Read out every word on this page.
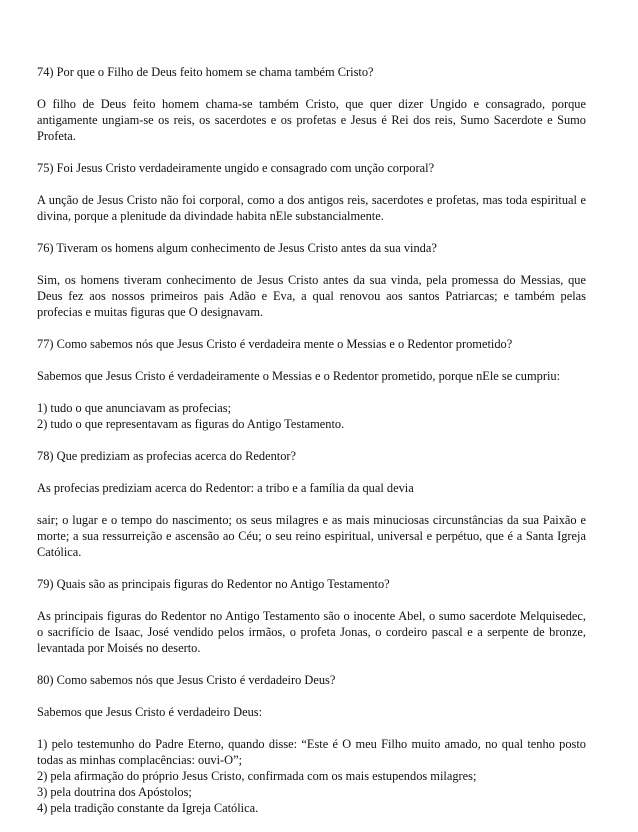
74) Por que o Filho de Deus feito homem se chama também Cristo?

O filho de Deus feito homem chama-se também Cristo, que quer dizer Ungido e consagrado, porque antigamente ungiam-se os reis, os sacerdotes e os profetas e Jesus é Rei dos reis, Sumo Sacerdote e Sumo Profeta.

75) Foi Jesus Cristo verdadeiramente ungido e consagrado com unção corporal?

A unção de Jesus Cristo não foi corporal, como a dos antigos reis, sacerdotes e profetas, mas toda espiritual e divina, porque a plenitude da divindade habita nEle substancialmente.

76) Tiveram os homens algum conhecimento de Jesus Cristo antes da sua vinda?

Sim, os homens tiveram conhecimento de Jesus Cristo antes da sua vinda, pela promessa do Messias, que Deus fez aos nossos primeiros pais Adão e Eva, a qual renovou aos santos Patriarcas; e também pelas profecias e muitas figuras que O designavam.

77) Como sabemos nós que Jesus Cristo é verdadeira mente o Messias e o Redentor prometido?

Sabemos que Jesus Cristo é verdadeiramente o Messias e o Redentor prometido, porque nEle se cumpriu:

1) tudo o que anunciavam as profecias;
2) tudo o que representavam as figuras do Antigo Testamento.

78) Que prediziam as profecias acerca do Redentor?

As profecias prediziam acerca do Redentor: a tribo e a família da qual devia

sair; o lugar e o tempo do nascimento; os seus milagres e as mais minuciosas circunstâncias da sua Paixão e morte; a sua ressurreição e ascensão ao Céu; o seu reino espiritual, universal e perpétuo, que é a Santa Igreja Católica.

79) Quais são as principais figuras do Redentor no Antigo Testamento?

As principais figuras do Redentor no Antigo Testamento são o inocente Abel, o sumo sacerdote Melquisedec, o sacrifício de Isaac, José vendido pelos irmãos, o profeta Jonas, o cordeiro pascal e a serpente de bronze, levantada por Moisés no deserto.

80) Como sabemos nós que Jesus Cristo é verdadeiro Deus?

Sabemos que Jesus Cristo é verdadeiro Deus:

1) pelo testemunho do Padre Eterno, quando disse: “Este é O meu Filho muito amado, no qual tenho posto todas as minhas complacências: ouvi-O”;
2) pela afirmação do próprio Jesus Cristo, confirmada com os mais estupendos milagres;
3) pela doutrina dos Apóstolos;
4) pela tradição constante da Igreja Católica.
